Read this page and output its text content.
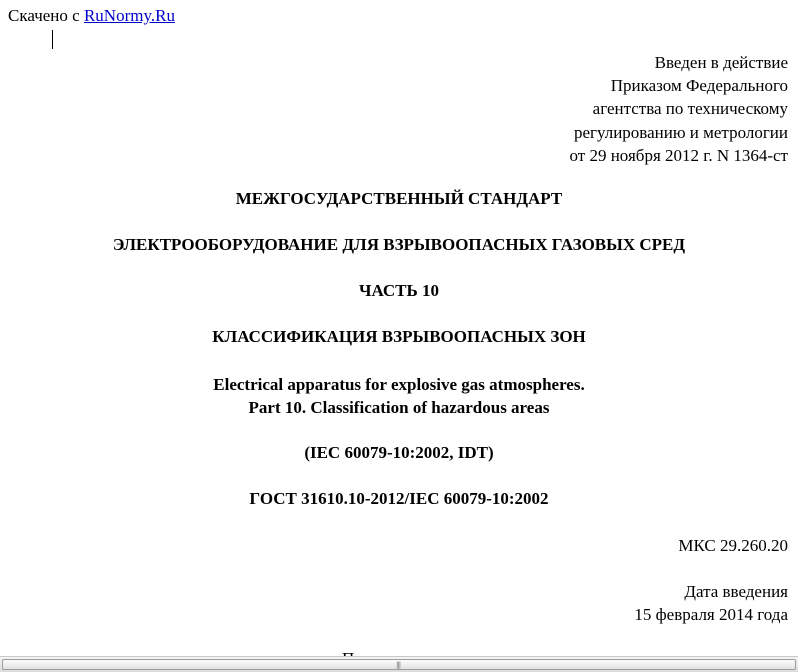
Скачено с RuNormy.Ru
Введен в действие
Приказом Федерального
агентства по техническому
регулированию и метрологии
от 29 ноября 2012 г. N 1364-ст
МЕЖГОСУДАРСТВЕННЫЙ СТАНДАРТ
ЭЛЕКТРООБОРУДОВАНИЕ ДЛЯ ВЗРЫВООПАСНЫХ ГАЗОВЫХ СРЕД
ЧАСТЬ 10
КЛАССИФИКАЦИЯ ВЗРЫВООПАСНЫХ ЗОН
Electrical apparatus for explosive gas atmospheres.
Part 10. Classification of hazardous areas
(IEC 60079-10:2002, IDT)
ГОСТ 31610.10-2012/IEC 60079-10:2002
МКС 29.260.20
Дата введения
15 февраля 2014 года
|||
